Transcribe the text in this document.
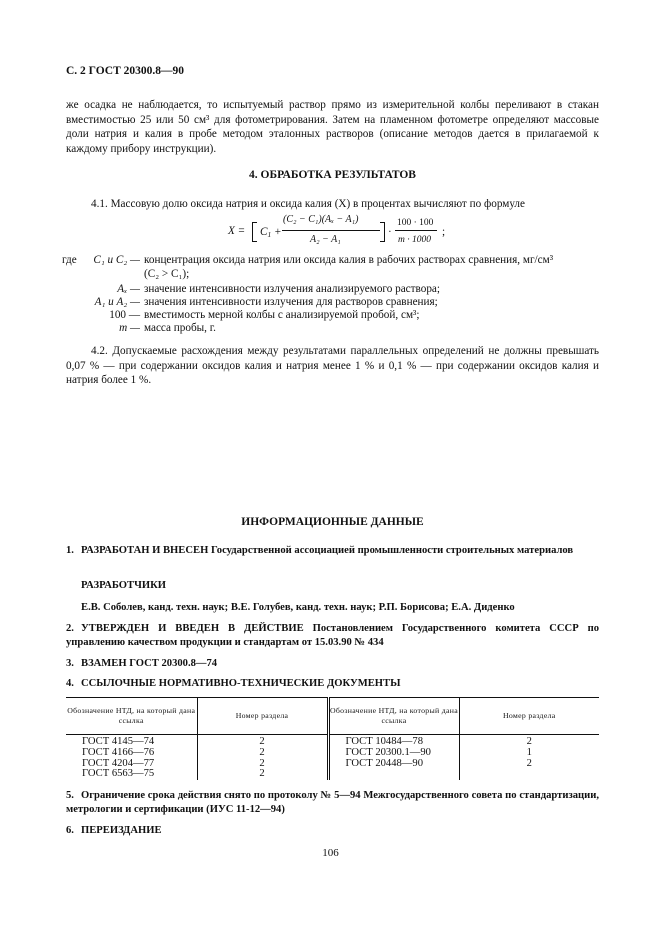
С. 2 ГОСТ 20300.8—90
же осадка не наблюдается, то испытуемый раствор прямо из измерительной колбы переливают в стакан вместимостью 25 или 50 см³ для фотометрирования. Затем на пламенном фотометре определяют массовые доли натрия и калия в пробе методом эталонных растворов (описание методов дается в прилагаемой к каждому прибору инструкции).
4. ОБРАБОТКА РЕЗУЛЬТАТОВ
4.1. Массовую долю оксида натрия и оксида калия (X) в процентах вычисляют по формуле
$X = C_1$ +
(C₂ − C₁)(Aₓ − A₁)
A₂ − A₁
·
100 · 100
m · 1000
;
где	C₁ и C₂ — концентрация оксида натрия или оксида калия в рабочих растворах сравнения, мг/см³
(C₂ > C₁);
Aₓ — значение интенсивности излучения анализируемого раствора;
A₁ и A₂ — значения интенсивности излучения для растворов сравнения;
100 — вместимость мерной колбы с анализируемой пробой, см³;
m — масса пробы, г.
4.2. Допускаемые расхождения между результатами параллельных определений не должны превышать 0,07 % — при содержании оксидов калия и натрия менее 1 % и 0,1 % — при содержании оксидов калия и натрия более 1 %.
ИНФОРМАЦИОННЫЕ ДАННЫЕ
1. РАЗРАБОТАН И ВНЕСЕН Государственной ассоциацией промышленности строительных материалов
РАЗРАБОТЧИКИ
Е.В. Соболев, канд. техн. наук; В.Е. Голубев, канд. техн. наук; Р.П. Борисова; Е.А. Диденко
2. УТВЕРЖДЕН И ВВЕДЕН В ДЕЙСТВИЕ Постановлением Государственного комитета СССР по управлению качеством продукции и стандартам от 15.03.90 № 434
3. ВЗАМЕН ГОСТ 20300.8—74
4. ССЫЛОЧНЫЕ НОРМАТИВНО-ТЕХНИЧЕСКИЕ ДОКУМЕНТЫ
Обозначение НТД, на который дана ссылка	Номер раздела	Обозначение НТД, на который дана ссылка	Номер раздела
ГОСТ 4145—74	2	ГОСТ 10484—78	2
ГОСТ 4166—76	2	ГОСТ 20300.1—90	1
ГОСТ 4204—77	2	ГОСТ 20448—90	2
ГОСТ 6563—75	2		
5. Ограничение срока действия снято по протоколу № 5—94 Межгосударственного совета по стандартизации, метрологии и сертификации (ИУС 11-12—94)
6. ПЕРЕИЗДАНИЕ
106
